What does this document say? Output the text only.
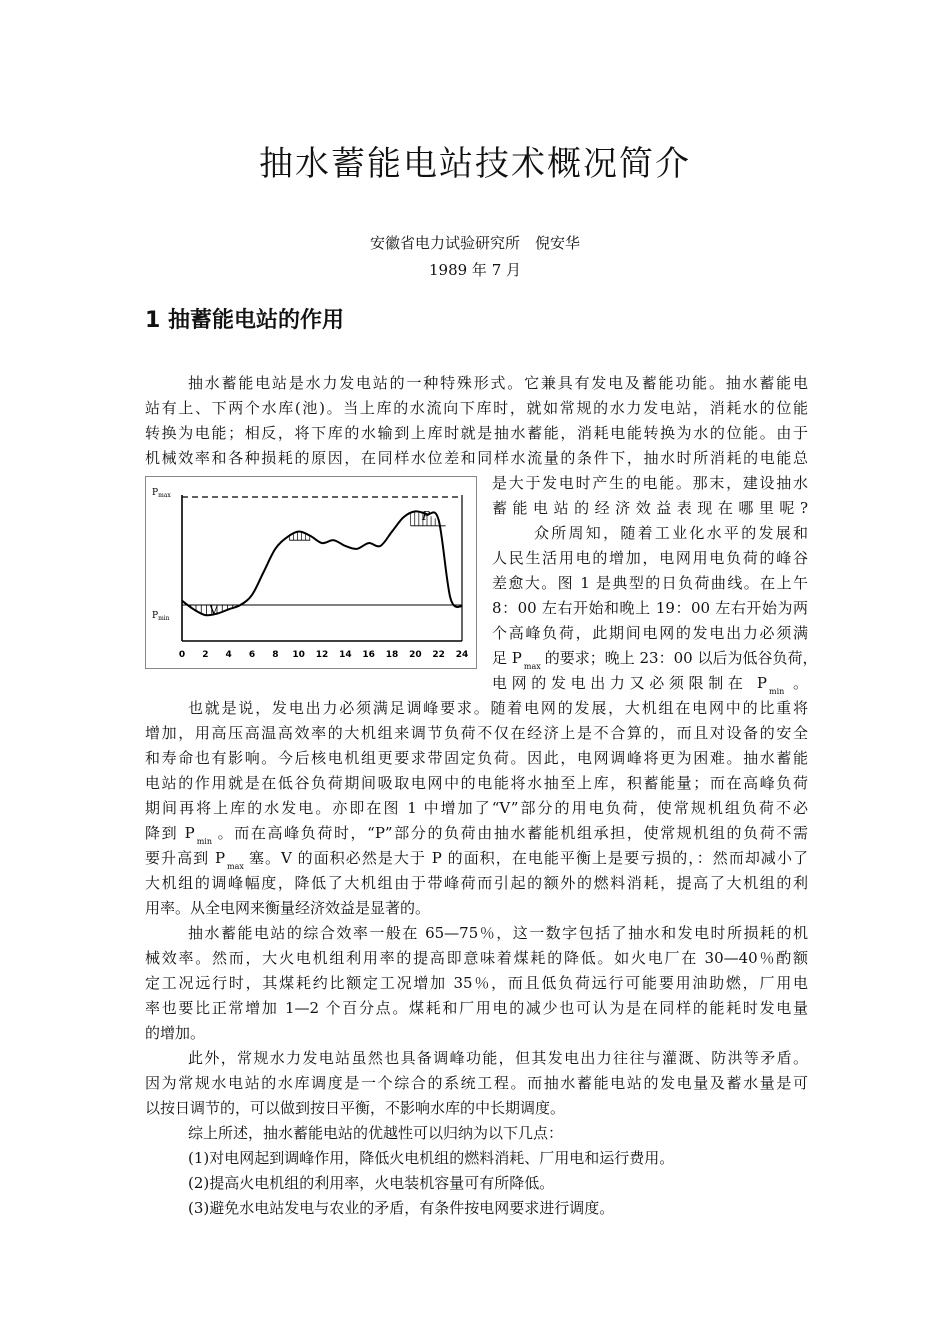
抽水蓄能电站技术概况简介
安徽省电力试验研究所　倪安华
1989 年 7 月
1 抽蓄能电站的作用
抽水蓄能电站是水力发电站的一种特殊形式。它兼具有发电及蓄能功能。抽水蓄能电
站有上、下两个水库(池)。当上库的水流向下库时，就如常规的水力发电站，消耗水的位能
转换为电能；相反，将下库的水输到上库时就是抽水蓄能，消耗电能转换为水的位能。由于
机械效率和各种损耗的原因，在同样水位差和同样水流量的条件下，抽水时所消耗的电能总
是大于发电时产生的电能。那末，建设抽水
蓄能电站的经济效益表现在哪里呢?
众所周知，随着工业化水平的发展和
人民生活用电的增加，电网用电负荷的峰谷
差愈大。图 1 是典型的日负荷曲线。在上午
8：00 左右开始和晚上 19：00 左右开始为两
个高峰负荷，此期间电网的发电出力必须满
足 P $_{max}$ 的要求；晚上 23：00 以后为低谷负荷，
电网的发电出力又必须限制在 P $_{min}$ 。
0 2 4 6 8 10 12 14 16 18 20 22 24
$P_{max}$
$P_{min}$
V
P
也就是说，发电出力必须满足调峰要求。随着电网的发展，大机组在电网中的比重将
增加，用高压高温高效率的大机组来调节负荷不仅在经济上是不合算的，而且对设备的安全
和寿命也有影响。今后核电机组更要求带固定负荷。因此，电网调峰将更为困难。抽水蓄能
电站的作用就是在低谷负荷期间吸取电网中的电能将水抽至上库，积蓄能量；而在高峰负荷
期间再将上库的水发电。亦即在图 1 中增加了“V”部分的用电负荷，使常规机组负荷不必
降到 P $_{min}$ 。而在高峰负荷时，“P”部分的负荷由抽水蓄能机组承担，使常规机组的负荷不需
要升高到 P $_{max}$ 塞。V 的面积必然是大于 P 的面积，在电能平衡上是要亏损的，：然而却减小了
大机组的调峰幅度，降低了大机组由于带峰荷而引起的额外的燃料消耗，提高了大机组的利
用率。从全电网来衡量经济效益是显著的。
抽水蓄能电站的综合效率一般在 65—75％，这一数字包括了抽水和发电时所损耗的机
械效率。然而，大火电机组利用率的提高即意味着煤耗的降低。如火电厂在 30—40％酌额
定工况远行时，其煤耗约比额定工况增加 35％，而且低负荷远行可能要用油助燃，厂用电
率也要比正常增加 1—2 个百分点。煤耗和厂用电的减少也可认为是在同样的能耗时发电量
的增加。
此外，常规水力发电站虽然也具备调峰功能，但其发电出力往往与灌溉、防洪等矛盾。
因为常规水电站的水库调度是一个综合的系统工程。而抽水蓄能电站的发电量及蓄水量是可
以按日调节的，可以做到按日平衡，不影响水库的中长期调度。
综上所述，抽水蓄能电站的优越性可以归纳为以下几点：
(1)对电网起到调峰作用，降低火电机组的燃料消耗、厂用电和运行费用。
(2)提高火电机组的利用率，火电装机容量可有所降低。
(3)避免水电站发电与农业的矛盾，有条件按电网要求进行调度。
